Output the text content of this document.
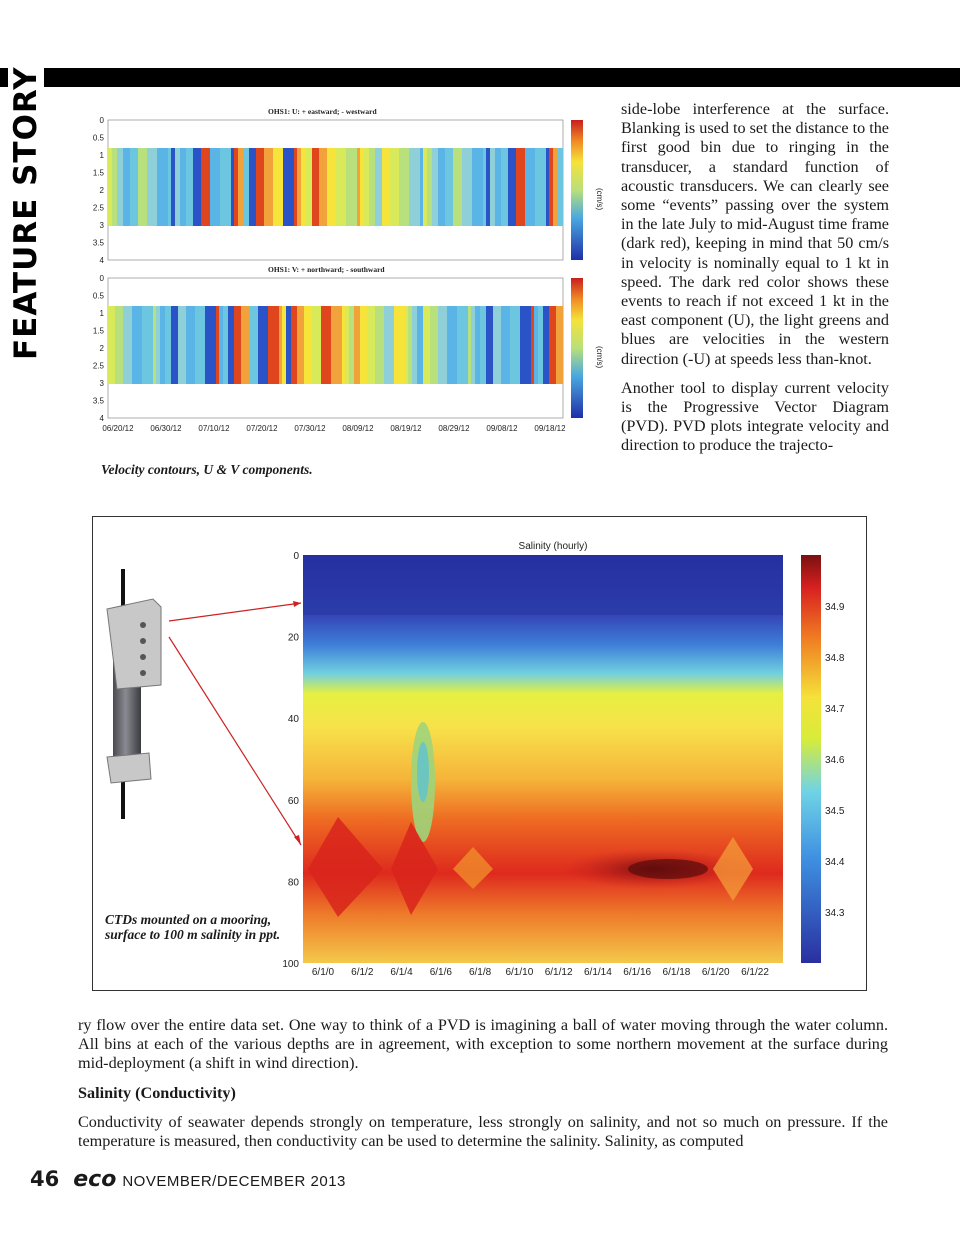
FEATURE STORY	OHS1: U: + eastward; - westward
0
0.5
1
1.5
2
2.5
3
3.5
4
(cm/s)
OHS1: V: + northward; - southward
0
0.5
1
1.5
2
2.5
3
3.5
4
(cm/s)
06/20/12 06/30/12 07/10/12 07/20/12 07/30/12 08/09/12 08/19/12 08/29/12 09/08/12 09/18/12
Velocity contours, U & V components.

side-lobe interference at the surface. Blanking is used to set the distance to the first good bin due to ringing in the transducer, a standard function of acoustic transducers. We can clearly see some “events” passing over the system in the late July to mid-August time frame (dark red), keeping in mind that 50 cm/s in velocity is nominally equal to 1 kt in speed. The dark red color shows these events to reach if not exceed 1 kt in the east component (U), the light greens and blues are velocities in the western direction (-U) at speeds less than-knot.

Another tool to display current velocity is the Progressive Vector Diagram (PVD). PVD plots integrate velocity and direction to produce the trajecto-

Salinity (hourly)
0
20
40
60
80
100
6/1/0 6/1/2 6/1/4 6/1/6 6/1/8 6/1/10 6/1/12 6/1/14 6/1/16 6/1/18 6/1/20 6/1/22
34.9
34.8
34.7
34.6
34.5
34.4
34.3
CTDs mounted on a mooring, surface to 100 m salinity in ppt.

ry flow over the entire data set. One way to think of a PVD is imagining a ball of water moving through the water column. All bins at each of the various depths are in agreement, with exception to some northern movement at the surface during mid-deployment (a shift in wind direction).

Salinity (Conductivity)

Conductivity of seawater depends strongly on temperature, less strongly on salinity, and not so much on pressure. If the temperature is measured, then conductivity can be used to determine the salinity. Salinity, as computed

46 eco NOVEMBER/DECEMBER 2013
